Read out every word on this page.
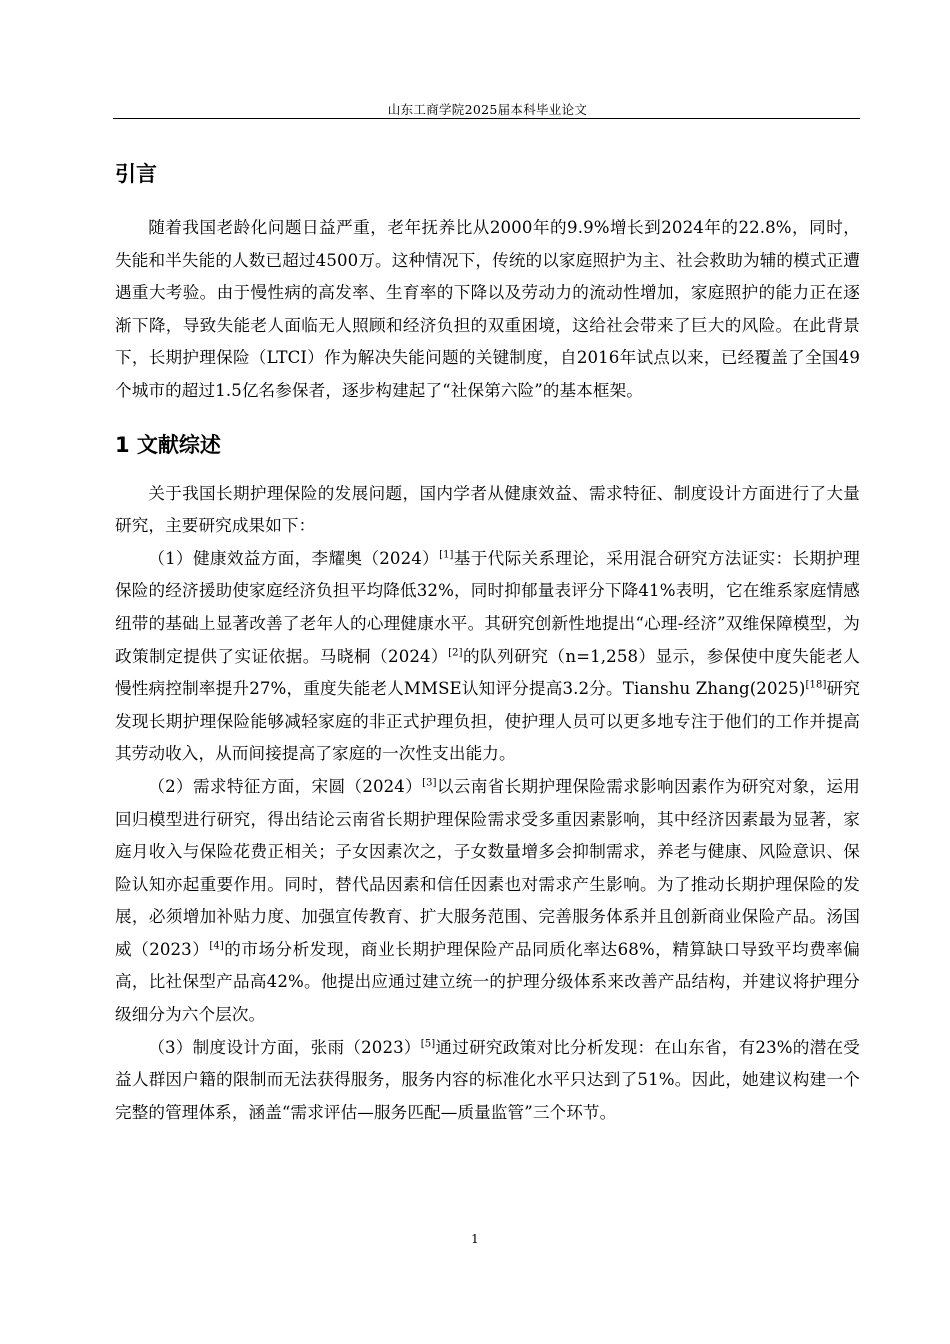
山东工商学院2025届本科毕业论文
引言

随着我国老龄化问题日益严重，老年抚养比从2000年的9.9%增长到2024年的22.8%，同时，失能和半失能的人数已超过4500万。这种情况下，传统的以家庭照护为主、社会救助为辅的模式正遭遇重大考验。由于慢性病的高发率、生育率的下降以及劳动力的流动性增加，家庭照护的能力正在逐渐下降，导致失能老人面临无人照顾和经济负担的双重困境，这给社会带来了巨大的风险。在此背景下，长期护理保险（LTCI）作为解决失能问题的关键制度，自2016年试点以来，已经覆盖了全国49个城市的超过1.5亿名参保者，逐步构建起了“社保第六险”的基本框架。

1 文献综述

关于我国长期护理保险的发展问题，国内学者从健康效益、需求特征、制度设计方面进行了大量研究，主要研究成果如下：

（1）健康效益方面，李耀奥（2024）[1]基于代际关系理论，采用混合研究方法证实：长期护理保险的经济援助使家庭经济负担平均降低32%，同时抑郁量表评分下降41%表明，它在维系家庭情感纽带的基础上显著改善了老年人的心理健康水平。其研究创新性地提出“心理-经济”双维保障模型，为政策制定提供了实证依据。马晓桐（2024）[2]的队列研究（n=1,258）显示，参保使中度失能老人慢性病控制率提升27%，重度失能老人MMSE认知评分提高3.2分。Tianshu Zhang(2025)[18]研究发现长期护理保险能够减轻家庭的非正式护理负担，使护理人员可以更多地专注于他们的工作并提高其劳动收入，从而间接提高了家庭的一次性支出能力。

（2）需求特征方面，宋圆（2024）[3]以云南省长期护理保险需求影响因素作为研究对象，运用回归模型进行研究，得出结论云南省长期护理保险需求受多重因素影响，其中经济因素最为显著，家庭月收入与保险花费正相关；子女因素次之，子女数量增多会抑制需求，养老与健康、风险意识、保险认知亦起重要作用。同时，替代品因素和信任因素也对需求产生影响。为了推动长期护理保险的发展，必须增加补贴力度、加强宣传教育、扩大服务范围、完善服务体系并且创新商业保险产品。汤国威（2023）[4]的市场分析发现，商业长期护理保险产品同质化率达68%，精算缺口导致平均费率偏高，比社保型产品高42%。他提出应通过建立统一的护理分级体系来改善产品结构，并建议将护理分级细分为六个层次。

（3）制度设计方面，张雨（2023）[5]通过研究政策对比分析发现：在山东省，有23%的潜在受益人群因户籍的限制而无法获得服务，服务内容的标准化水平只达到了51%。因此，她建议构建一个完整的管理体系，涵盖“需求评估—服务匹配—质量监管”三个环节。

1
